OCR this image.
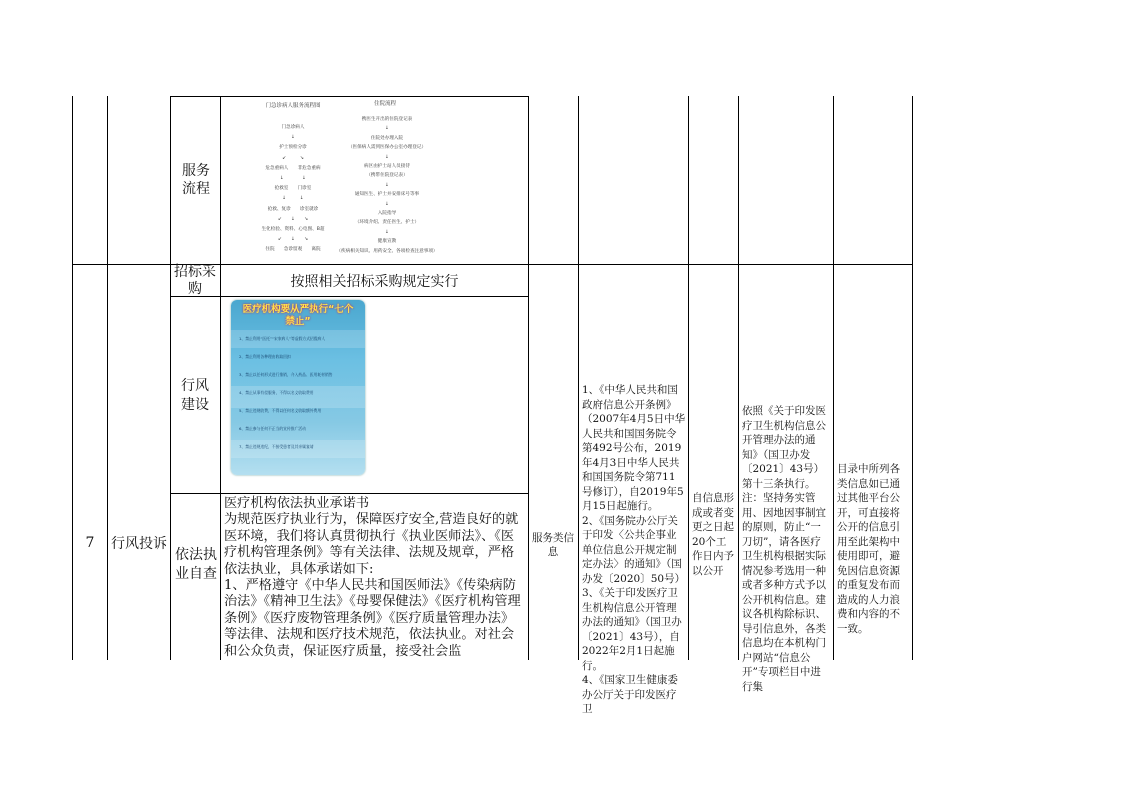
服务流程
门急诊病人服务流程图
门急诊病人
↓
护士预检分诊
↙　　　↘
危急重病人　　非危急重病
↓　　　　↓
抢救室　　门诊室
↓　　　↓
抢救、复诊　　诊室就诊
↙　　↓　　↘
生化检验、资料、心电图、B超
↙　　↓　　↘
住院　　急诊留观　　离院
住院流程
携医生开出的住院登记表
↓
住院处办理入院
（医保病人需到医保办公室办理登记）
↓
病区由护士站人员接待
（携带住院登记表）
↓
通知医生、护士并安排床号等事
↓
入院指导
（环境介绍、责任医生、护士）
↓
健康宣教
（疾病相关知识、用药安全、各项检查注意事项）
7	行风投诉
招标采购	按照相关招标采购规定实行
行风建设
医疗机构要从严执行“七个禁止”
1、禁止利用“医托”“宋家病人”等虚假方式招揽病人
2、禁止利用各种理由收取回扣
3、禁止以任何形式进行推销，介入药品、医用耗材销售
4、禁止从事有偿服务，不得以名义收取费用
5、禁止违规收费，不得以任何名义收取额外费用
6、禁止参与任何不正当的宣传推广活动
7、禁止违规违纪，不接受患者及其亲属宴请
依法执业自查
医疗机构依法执业承诺书
为规范医疗执业行为，保障医疗安全,营造良好的就医环境，我们将认真贯彻执行《执业医师法》、《医疗机构管理条例》等有关法律、法规及规章，严格依法执业，具体承诺如下:
1、严格遵守《中华人民共和国医师法》《传染病防治法》《精神卫生法》《母婴保健法》《医疗机构管理条例》《医疗废物管理条例》《医疗质量管理办法》等法律、法规和医疗技术规范，依法执业。对社会和公众负责，保证医疗质量，接受社会监
服务类信息
1、《中华人民共和国政府信息公开条例》（2007年4月5日中华人民共和国国务院令第492号公布，2019年4月3日中华人民共和国国务院令第711号修订），自2019年5月15日起施行。
2、《国务院办公厅关于印发〈公共企事业单位信息公开规定制定办法〉的通知》（国办发〔2020〕50号）
3、《关于印发医疗卫生机构信息公开管理办法的通知》（国卫办〔2021〕43号），自2022年2月1日起施行。
4、《国家卫生健康委办公厅关于印发医疗卫
自信息形成或者变更之日起20个工作日内予以公开
依照《关于印发医疗卫生机构信息公开管理办法的通知》（国卫办发〔2021〕43号）第十三条执行。
注：坚持务实管用、因地因事制宜的原则，防止“一刀切”，请各医疗卫生机构根据实际情况参考选用一种或者多种方式予以公开机构信息。建议各机构除标识、导引信息外，各类信息均在本机构门户网站“信息公开”专项栏目中进行集
目录中所列各类信息如已通过其他平台公开，可直接将公开的信息引用至此架构中使用即可，避免因信息资源的重复发布而造成的人力浪费和内容的不一致。
